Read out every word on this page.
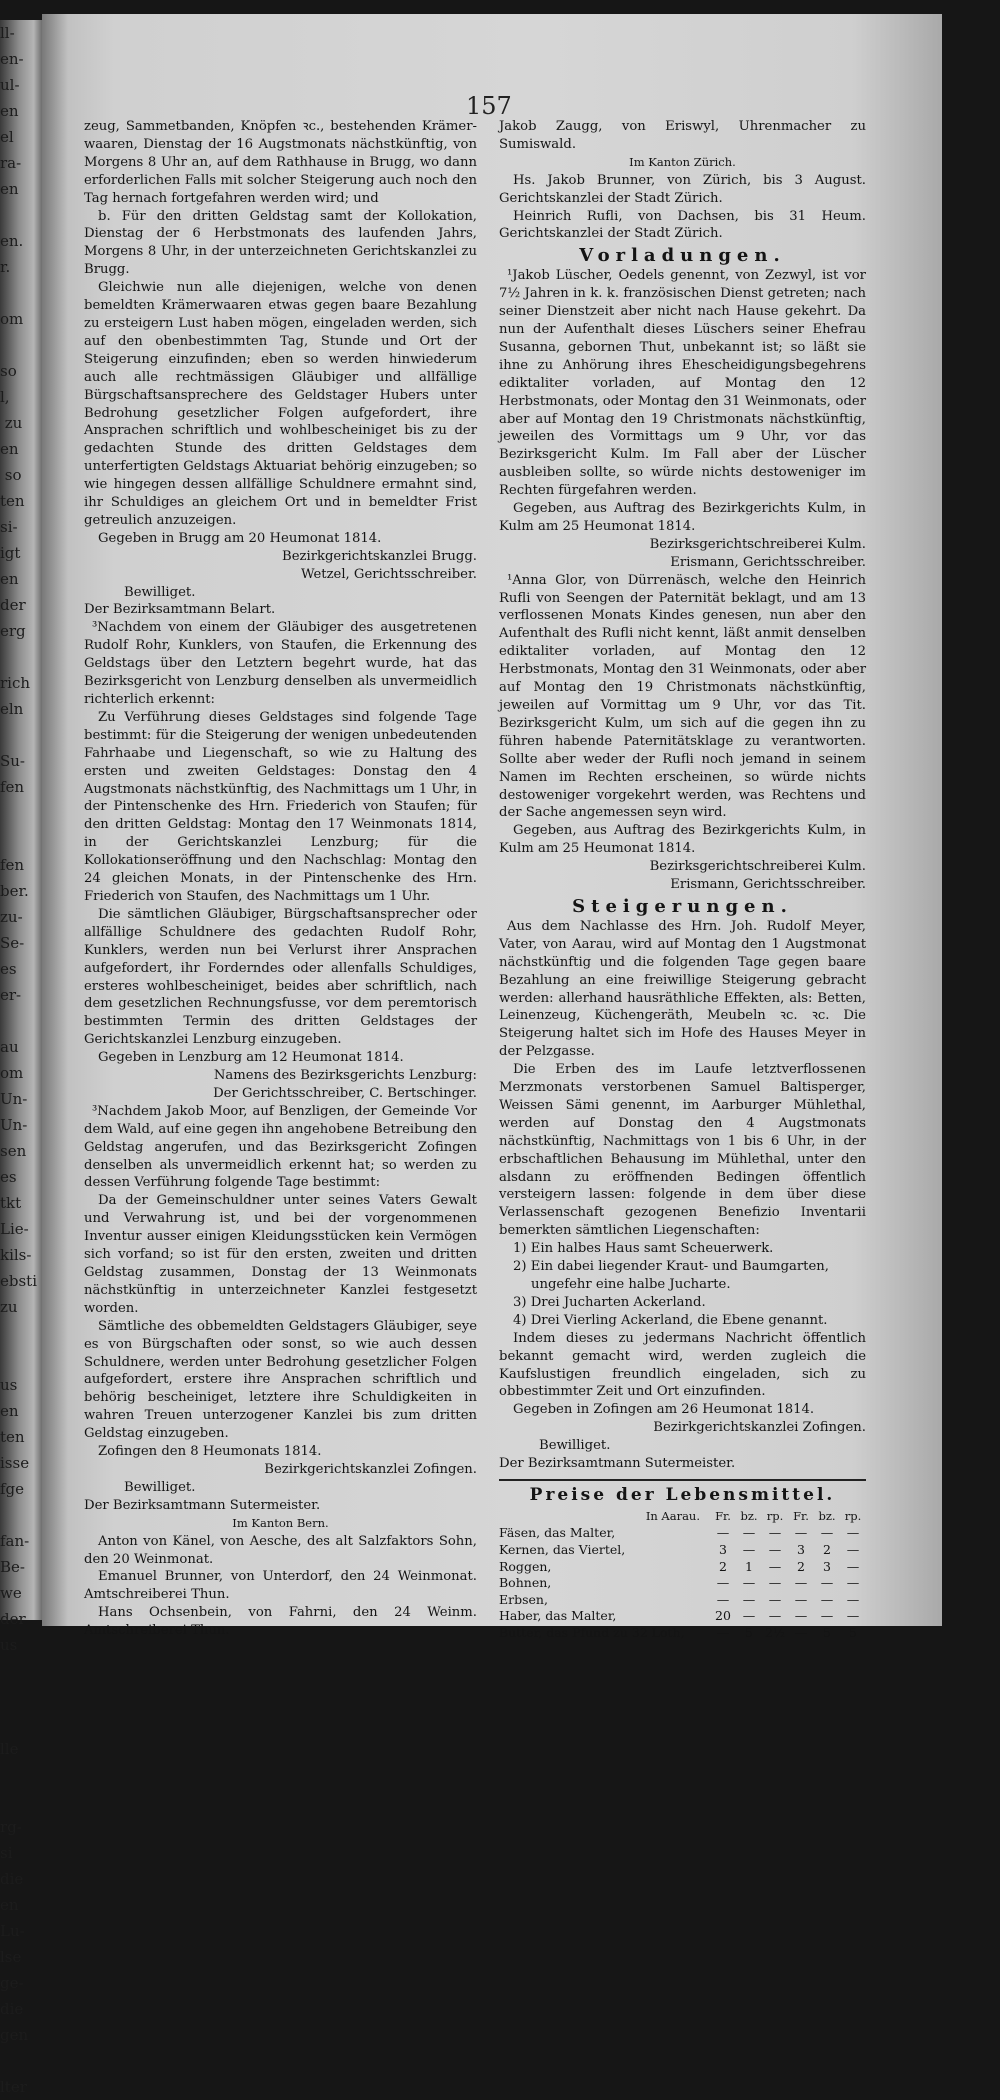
ll-
en-
ul-
en
el
ra-
en

en.
r.

om

so
l,
zu
en
so
ten
si-
igt
en
der
erg

rich
eln

Su-
fen

fen
ber.
zu-
Se-
es
er-

au
om
Un-
Un-
sen
es
tkt
Lie-
kils-
ebsti
zu

us
en
ten
isse
fge

fan-
Be-
we
der
us

lle

rg-
si
die
en
Lu-
lse
ge-
die
gen

lter
157

zeug, Sammetbanden, Knöpfen ꝛc., bestehenden Krämer-waaren, Dienstag der 16 Augstmonats nächstkünftig, von Morgens 8 Uhr an, auf dem Rathhause in Brugg, wo dann erforderlichen Falls mit solcher Steigerung auch noch den Tag hernach fortgefahren werden wird; und

b. Für den dritten Geldstag samt der Kollokation, Dienstag der 6 Herbstmonats des laufenden Jahrs, Morgens 8 Uhr, in der unterzeichneten Gerichtskanzlei zu Brugg.

Gleichwie nun alle diejenigen, welche von denen bemeldten Krämerwaaren etwas gegen baare Bezahlung zu ersteigern Lust haben mögen, eingeladen werden, sich auf den obenbestimmten Tag, Stunde und Ort der Steigerung einzufinden; eben so werden hinwiederum auch alle rechtmässigen Gläubiger und allfällige Bürgschaftsansprechere des Geldstager Hubers unter Bedrohung gesetzlicher Folgen aufgefordert, ihre Ansprachen schriftlich und wohlbescheiniget bis zu der gedachten Stunde des dritten Geldstages dem unterfertigten Geldstags Aktuariat behörig einzugeben; so wie hingegen dessen allfällige Schuldnere ermahnt sind, ihr Schuldiges an gleichem Ort und in bemeldter Frist getreulich anzuzeigen.

Gegeben in Brugg am 20 Heumonat 1814.

Bezirkgerichtskanzlei Brugg.

Wetzel, Gerichtsschreiber.

Bewilliget.

Der Bezirksamtmann Belart.

³Nachdem von einem der Gläubiger des ausgetretenen Rudolf Rohr, Kunklers, von Staufen, die Erkennung des Geldstags über den Letztern begehrt wurde, hat das Bezirksgericht von Lenzburg denselben als unvermeidlich richterlich erkennt:

Zu Verführung dieses Geldstages sind folgende Tage bestimmt: für die Steigerung der wenigen unbedeutenden Fahrhaabe und Liegenschaft, so wie zu Haltung des ersten und zweiten Geldstages: Donstag den 4 Augstmonats nächstkünftig, des Nachmittags um 1 Uhr, in der Pintenschenke des Hrn. Friederich von Staufen; für den dritten Geldstag: Montag den 17 Weinmonats 1814, in der Gerichtskanzlei Lenzburg; für die Kollokationseröffnung und den Nachschlag: Montag den 24 gleichen Monats, in der Pintenschenke des Hrn. Friederich von Staufen, des Nachmittags um 1 Uhr.

Die sämtlichen Gläubiger, Bürgschaftsansprecher oder allfällige Schuldnere des gedachten Rudolf Rohr, Kunklers, werden nun bei Verlurst ihrer Ansprachen aufgefordert, ihr Forderndes oder allenfalls Schuldiges, ersteres wohlbescheiniget, beides aber schriftlich, nach dem gesetzlichen Rechnungsfusse, vor dem peremtorisch bestimmten Termin des dritten Geldstages der Gerichtskanzlei Lenzburg einzugeben.

Gegeben in Lenzburg am 12 Heumonat 1814.

Namens des Bezirksgerichts Lenzburg:

Der Gerichtsschreiber, C. Bertschinger.

³Nachdem Jakob Moor, auf Benzligen, der Gemeinde Vor dem Wald, auf eine gegen ihn angehobene Betreibung den Geldstag angerufen, und das Bezirksgericht Zofingen denselben als unvermeidlich erkennt hat; so werden zu dessen Verführung folgende Tage bestimmt:

Da der Gemeinschuldner unter seines Vaters Gewalt und Verwahrung ist, und bei der vorgenommenen Inventur ausser einigen Kleidungsstücken kein Vermögen sich vorfand; so ist für den ersten, zweiten und dritten Geldstag zusammen, Donstag der 13 Weinmonats nächstkünftig in unterzeichneter Kanzlei festgesetzt worden.

Sämtliche des obbemeldten Geldstagers Gläubiger, seye es von Bürgschaften oder sonst, so wie auch dessen Schuldnere, werden unter Bedrohung gesetzlicher Folgen aufgefordert, erstere ihre Ansprachen schriftlich und behörig bescheiniget, letztere ihre Schuldigkeiten in wahren Treuen unterzogener Kanzlei bis zum dritten Geldstag einzugeben.

Zofingen den 8 Heumonats 1814.

Bezirkgerichtskanzlei Zofingen.

Bewilliget.

Der Bezirksamtmann Sutermeister.

Im Kanton Bern.

Anton von Känel, von Aesche, des alt Salzfaktors Sohn, den 20 Weinmonat.

Emanuel Brunner, von Unterdorf, den 24 Weinmonat. Amtschreiberei Thun.

Hans Ochsenbein, von Fahrni, den 24 Weinm. Amtschreiberei Thun.

Jakob Zaugg, von Eriswyl, Uhrenmacher zu Sumiswald.

Im Kanton Zürich.

Hs. Jakob Brunner, von Zürich, bis 3 August. Gerichtskanzlei der Stadt Zürich.

Heinrich Rufli, von Dachsen, bis 31 Heum. Gerichtskanzlei der Stadt Zürich.

Vorladungen.

¹Jakob Lüscher, Oedels genennt, von Zezwyl, ist vor 7½ Jahren in k. k. französischen Dienst getreten; nach seiner Dienstzeit aber nicht nach Hause gekehrt. Da nun der Aufenthalt dieses Lüschers seiner Ehefrau Susanna, gebornen Thut, unbekannt ist; so läßt sie ihne zu Anhörung ihres Ehescheidigungsbegehrens ediktaliter vorladen, auf Montag den 12 Herbstmonats, oder Montag den 31 Weinmonats, oder aber auf Montag den 19 Christmonats nächstkünftig, jeweilen des Vormittags um 9 Uhr, vor das Bezirksgericht Kulm. Im Fall aber der Lüscher ausbleiben sollte, so würde nichts destoweniger im Rechten fürgefahren werden.

Gegeben, aus Auftrag des Bezirkgerichts Kulm, in Kulm am 25 Heumonat 1814.

Bezirksgerichtschreiberei Kulm.

Erismann, Gerichtsschreiber.

¹Anna Glor, von Dürrenäsch, welche den Heinrich Rufli von Seengen der Paternität beklagt, und am 13 verflossenen Monats Kindes genesen, nun aber den Aufenthalt des Rufli nicht kennt, läßt anmit denselben ediktaliter vorladen, auf Montag den 12 Herbstmonats, Montag den 31 Weinmonats, oder aber auf Montag den 19 Christmonats nächstkünftig, jeweilen auf Vormittag um 9 Uhr, vor das Tit. Bezirksgericht Kulm, um sich auf die gegen ihn zu führen habende Paternitätsklage zu verantworten. Sollte aber weder der Rufli noch jemand in seinem Namen im Rechten erscheinen, so würde nichts destoweniger vorgekehrt werden, was Rechtens und der Sache angemessen seyn wird.

Gegeben, aus Auftrag des Bezirkgerichts Kulm, in Kulm am 25 Heumonat 1814.

Bezirksgerichtschreiberei Kulm.

Erismann, Gerichtsschreiber.

Steigerungen.

Aus dem Nachlasse des Hrn. Joh. Rudolf Meyer, Vater, von Aarau, wird auf Montag den 1 Augstmonat nächstkünftig und die folgenden Tage gegen baare Bezahlung an eine freiwillige Steigerung gebracht werden: allerhand hausräthliche Effekten, als: Betten, Leinenzeug, Küchengeräth, Meubeln ꝛc. ꝛc. Die Steigerung haltet sich im Hofe des Hauses Meyer in der Pelzgasse.

Die Erben des im Laufe letztverflossenen Merzmonats verstorbenen Samuel Baltisperger, Weissen Sämi genennt, im Aarburger Mühlethal, werden auf Donstag den 4 Augstmonats nächstkünftig, Nachmittags von 1 bis 6 Uhr, in der erbschaftlichen Behausung im Mühlethal, unter den alsdann zu eröffnenden Bedingen öffentlich versteigern lassen: folgende in dem über diese Verlassenschaft gezogenen Benefizio Inventarii bemerkten sämtlichen Liegenschaften:

1) Ein halbes Haus samt Scheuerwerk.
2) Ein dabei liegender Kraut- und Baumgarten, ungefehr eine halbe Jucharte.
3) Drei Jucharten Ackerland.
4) Drei Vierling Ackerland, die Ebene genannt.

Indem dieses zu jedermans Nachricht öffentlich bekannt gemacht wird, werden zugleich die Kaufslustigen freundlich eingeladen, sich zu obbestimmter Zeit und Ort einzufinden.

Gegeben in Zofingen am 26 Heumonat 1814.

Bezirkgerichtskanzlei Zofingen.

Bewilliget.

Der Bezirksamtmann Sutermeister.

Preise der Lebensmittel.
In Aarau.	Fr.	bz.	rp.	Fr.	bz.	rp.
Fäsen, das Malter,	—	—	—	—	—	—
Kernen, das Viertel,	3	—	—	3	2	—
Roggen,	2	1	—	2	3	—
Bohnen,	—	—	—	—	—	—
Erbsen,	—	—	—	—	—	—
Haber, das Malter,	20	—	—	—	—	—
Butter, das Pfund zu 32 Loth,	—	5	2½	—	5	5
